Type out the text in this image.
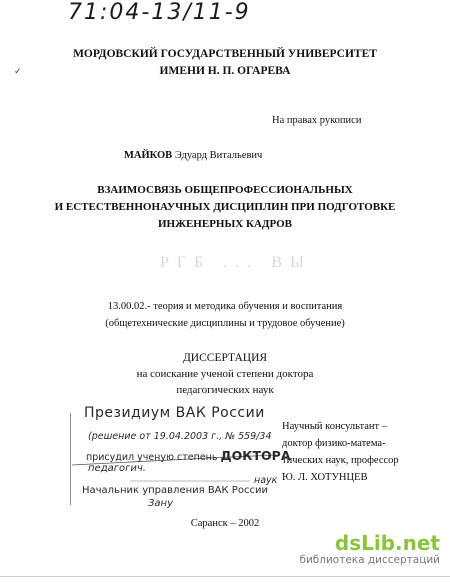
71:04-13/11-9
✓
МОРДОВСКИЙ ГОСУДАРСТВЕННЫЙ УНИВЕРСИТЕТ
ИМЕНИ Н. П. ОГАРЕВА
На правах рукописи
МАЙКОВ Эдуард Витальевич
ВЗАИМОСВЯЗЬ ОБЩЕПРОФЕССИОНАЛЬНЫХ
И ЕСТЕСТВЕННОНАУЧНЫХ ДИСЦИПЛИН ПРИ ПОДГОТОВКЕ
ИНЖЕНЕРНЫХ КАДРОВ
РГБ ... ВЫ
13.00.02.- теория и методика обучения и воспитания
(общетехнические дисциплины и трудовое обучение)
ДИССЕРТАЦИЯ
на соискание ученой степени доктора
педагогических наук
Научный консультант –
доктор физико-матема-
тических наук, профессор
Ю. Л. ХОТУНЦЕВ
Президиум ВАК России
(решение от 19.04.2003 г., № 559/34
присудил ученую степень ДОКТОРА
педагогич.
наук
Начальник управления ВАК России
Зану
Саранск – 2002
dsLib.net
библиотека диссертаций
